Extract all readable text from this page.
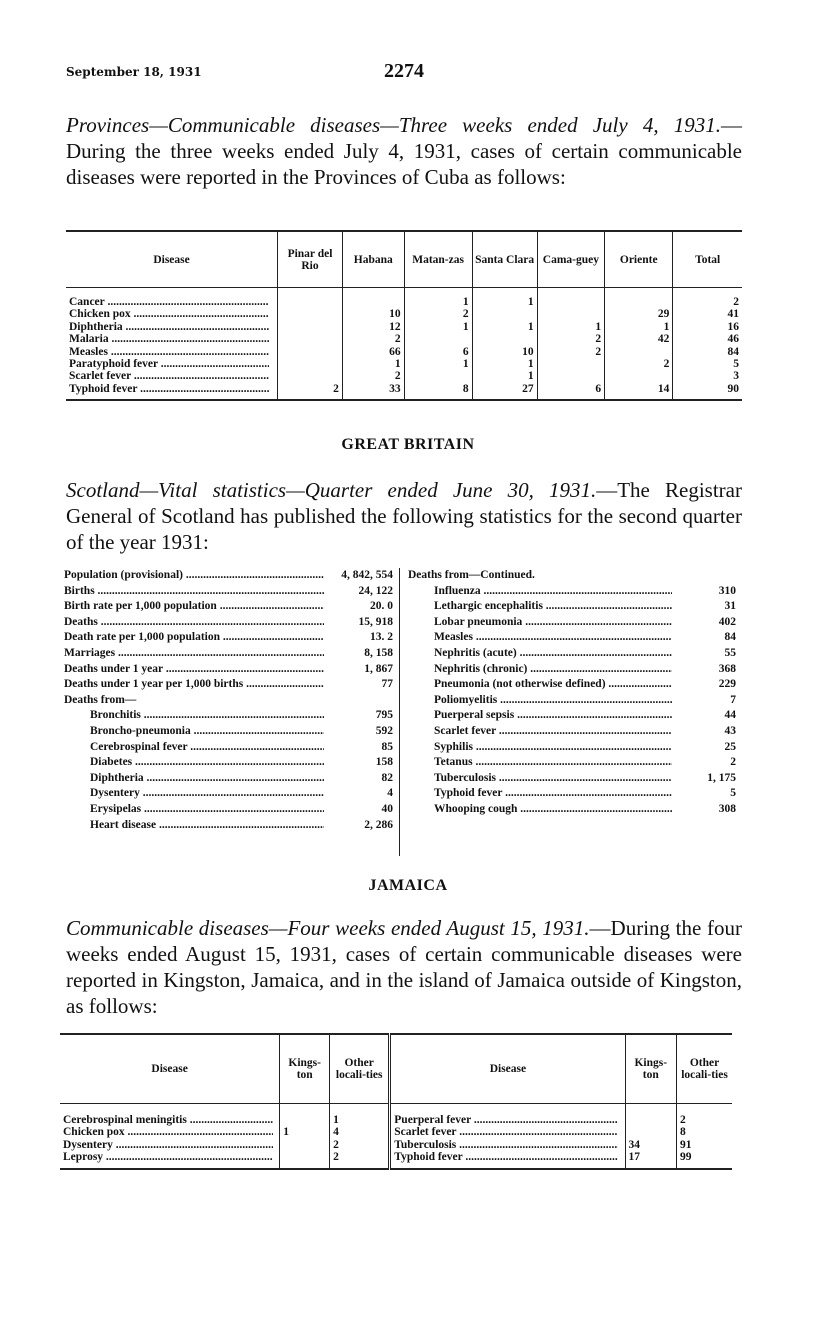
September 18, 1931	2274
Provinces—Communicable diseases—Three weeks ended July 4, 1931.—During the three weeks ended July 4, 1931, cases of certain communicable diseases were reported in the Provinces of Cuba as follows:
Disease	Pinar del Rio	Habana	Matan-zas	Santa Clara	Cama-guey	Oriente	Total

Cancer .....			1	1			2

Chicken pox .....		10	2			29	41

Diphtheria .....		12	1	1	1	1	16

Malaria .....		2			2	42	46

Measles .....		66	6	10	2		84

Paratyphoid fever .....		1	1	1		2	5

Scarlet fever .....		2		1			3

Typhoid fever .....	2	33	8	27	6	14	90
GREAT BRITAIN
Scotland—Vital statistics—Quarter ended June 30, 1931.—The Registrar General of Scotland has published the following statistics for the second quarter of the year 1931:
Population (provisional) .....	4, 842, 554

Births .....	24, 122

Birth rate per 1,000 population .....	20. 0

Deaths .....	15, 918

Death rate per 1,000 population .....	13. 2

Marriages .....	8, 158

Deaths under 1 year .....	1, 867

Deaths under 1 year per 1,000 births .....	77

Deaths from—	

Bronchitis .....	795

Broncho-pneumonia .....	592

Cerebrospinal fever .....	85

Diabetes .....	158

Diphtheria .....	82

Dysentery .....	4

Erysipelas .....	40

Heart disease .....	2, 286
Deaths from—Continued.	

Influenza .....	310

Lethargic encephalitis .....	31

Lobar pneumonia .....	402

Measles .....	84

Nephritis (acute) .....	55

Nephritis (chronic) .....	368

Pneumonia (not otherwise defined) .....	229

Poliomyelitis .....	7

Puerperal sepsis .....	44

Scarlet fever .....	43

Syphilis .....	25

Tetanus .....	2

Tuberculosis .....	1, 175

Typhoid fever .....	5

Whooping cough .....	308
JAMAICA
Communicable diseases—Four weeks ended August 15, 1931.—During the four weeks ended August 15, 1931, cases of certain communicable diseases were reported in Kingston, Jamaica, and in the island of Jamaica outside of Kingston, as follows:
Disease	Kings-ton	Other locali-ties	Disease	Kings-ton	Other locali-ties

Cerebrospinal meningitis .....		1	Puerperal fever .....		2

Chicken pox .....	1	4	Scarlet fever .....		8

Dysentery .....		2	Tuberculosis .....	34	91

Leprosy .....		2	Typhoid fever .....	17	99
